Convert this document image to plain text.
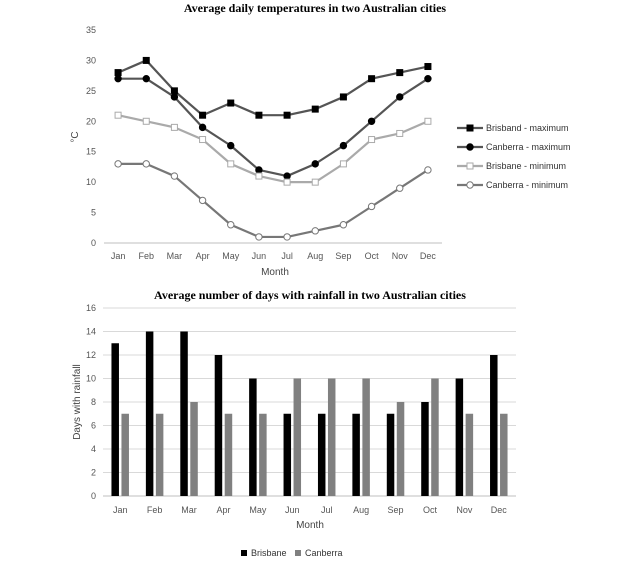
Average daily temperatures in two Australian cities
0
5
10
15
20
25
30
35
Jan Feb Mar Apr May Jun Jul Aug Sep Oct Nov Dec
Month
°C
Brisband - maximum
Canberra - maximum
Brisbane - minimum
Canberra - minimum
Average number of days with rainfall in two Australian cities
0
2
4
6
8
10
12
14
16
Jan Feb Mar Apr May Jun Jul Aug Sep Oct Nov Dec
Month
Days with rainfall
Brisbane Canberra
